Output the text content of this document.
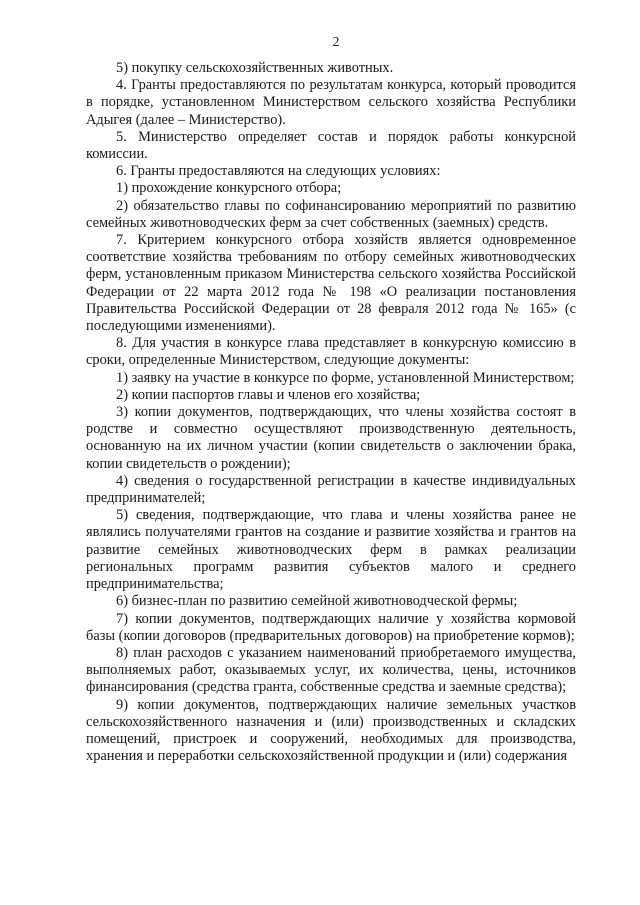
2

5) покупку сельскохозяйственных животных.

4. Гранты предоставляются по результатам конкурса, который проводится в порядке, установленном Министерством сельского хозяйства Республики Адыгея (далее – Министерство).

5. Министерство определяет состав и порядок работы конкурсной комиссии.

6. Гранты предоставляются на следующих условиях:

1) прохождение конкурсного отбора;

2) обязательство главы по софинансированию мероприятий по развитию семейных животноводческих ферм за счет собственных (заемных) средств.

7. Критерием конкурсного отбора хозяйств является одновременное соответствие хозяйства требованиям по отбору семейных животноводческих ферм, установленным приказом Министерства сельского хозяйства Российской Федерации от 22 марта 2012 года № 198 «О реализации постановления Правительства Российской Федерации от 28 февраля 2012 года № 165» (с последующими изменениями).

8. Для участия в конкурсе глава представляет в конкурсную комиссию в сроки, определенные Министерством, следующие документы:

1) заявку на участие в конкурсе по форме, установленной Министерством;

2) копии паспортов главы и членов его хозяйства;

3) копии документов, подтверждающих, что члены хозяйства состоят в родстве и совместно осуществляют производственную деятельность, основанную на их личном участии (копии свидетельств о заключении брака, копии свидетельств о рождении);

4) сведения о государственной регистрации в качестве индивидуальных предпринимателей;

5) сведения, подтверждающие, что глава и члены хозяйства ранее не являлись получателями грантов на создание и развитие хозяйства и грантов на развитие семейных животноводческих ферм в рамках реализации региональных программ развития субъектов малого и среднего предпринимательства;

6) бизнес-план по развитию семейной животноводческой фермы;

7) копии документов, подтверждающих наличие у хозяйства кормовой базы (копии договоров (предварительных договоров) на приобретение кормов);

8) план расходов с указанием наименований приобретаемого имущества, выполняемых работ, оказываемых услуг, их количества, цены, источников финансирования (средства гранта, собственные средства и заемные средства);

9) копии документов, подтверждающих наличие земельных участков сельскохозяйственного назначения и (или) производственных и складских помещений, пристроек и сооружений, необходимых для производства, хранения и переработки сельскохозяйственной продукции и (или) содержания
